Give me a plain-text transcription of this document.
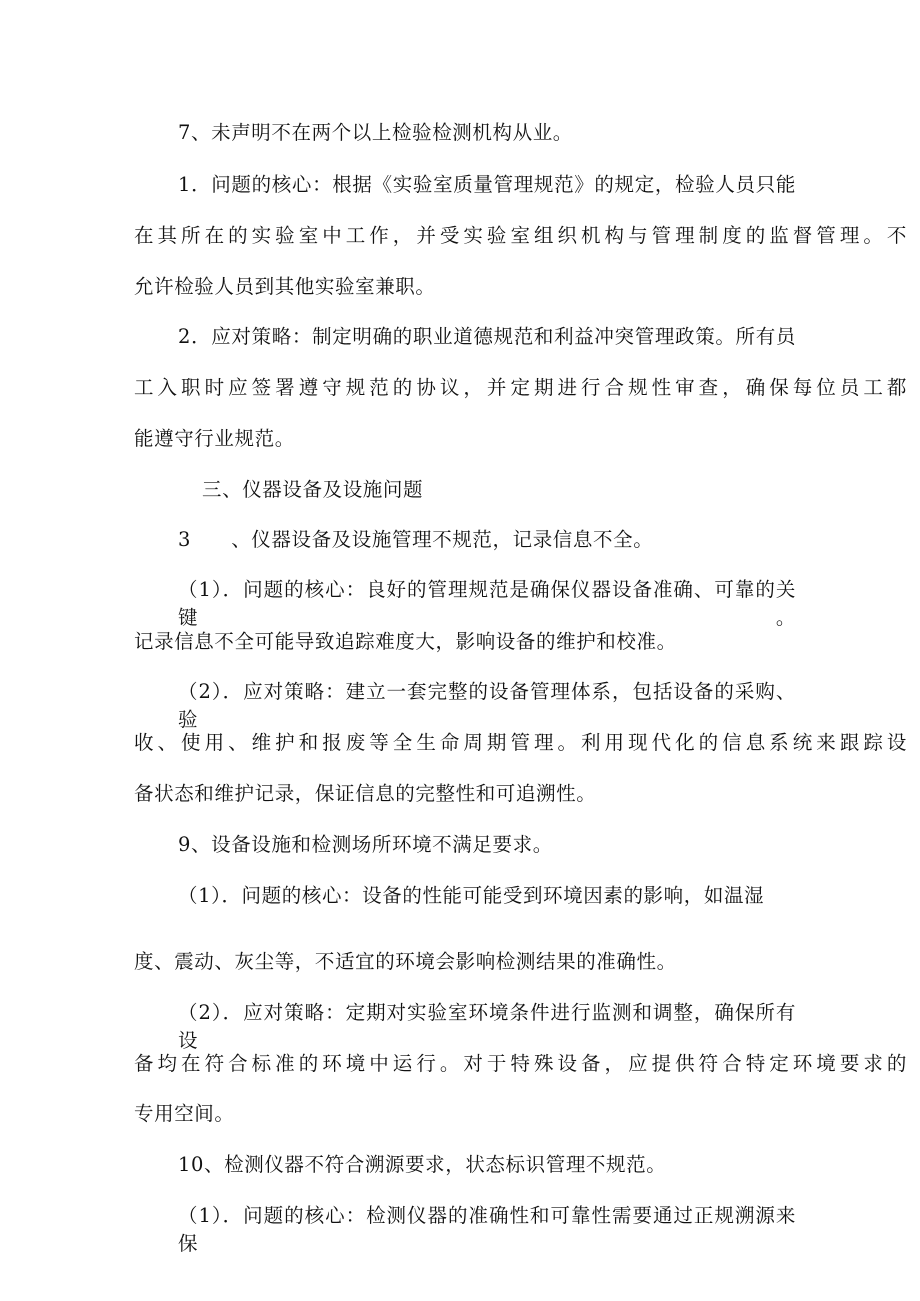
7、未声明不在两个以上检验检测机构从业。
1．问题的核心：根据《实验室质量管理规范》的规定，检验人员只能
在其所在的实验室中工作，并受实验室组织机构与管理制度的监督管理。不
允许检验人员到其他实验室兼职。
2．应对策略：制定明确的职业道德规范和利益冲突管理政策。所有员
工入职时应签署遵守规范的协议，并定期进行合规性审查，确保每位员工都
能遵守行业规范。
三、仪器设备及设施问题
3　　、仪器设备及设施管理不规范，记录信息不全。
（1）．问题的核心：良好的管理规范是确保仪器设备准确、可靠的关键。
记录信息不全可能导致追踪难度大，影响设备的维护和校准。
（2）．应对策略：建立一套完整的设备管理体系，包括设备的采购、验
收、使用、维护和报废等全生命周期管理。利用现代化的信息系统来跟踪设
备状态和维护记录，保证信息的完整性和可追溯性。
9、设备设施和检测场所环境不满足要求。
（1）．问题的核心：设备的性能可能受到环境因素的影响，如温湿
度、震动、灰尘等，不适宜的环境会影响检测结果的准确性。
（2）．应对策略：定期对实验室环境条件进行监测和调整，确保所有设
备均在符合标准的环境中运行。对于特殊设备，应提供符合特定环境要求的
专用空间。
10、检测仪器不符合溯源要求，状态标识管理不规范。
（1）．问题的核心：检测仪器的准确性和可靠性需要通过正规溯源来保
